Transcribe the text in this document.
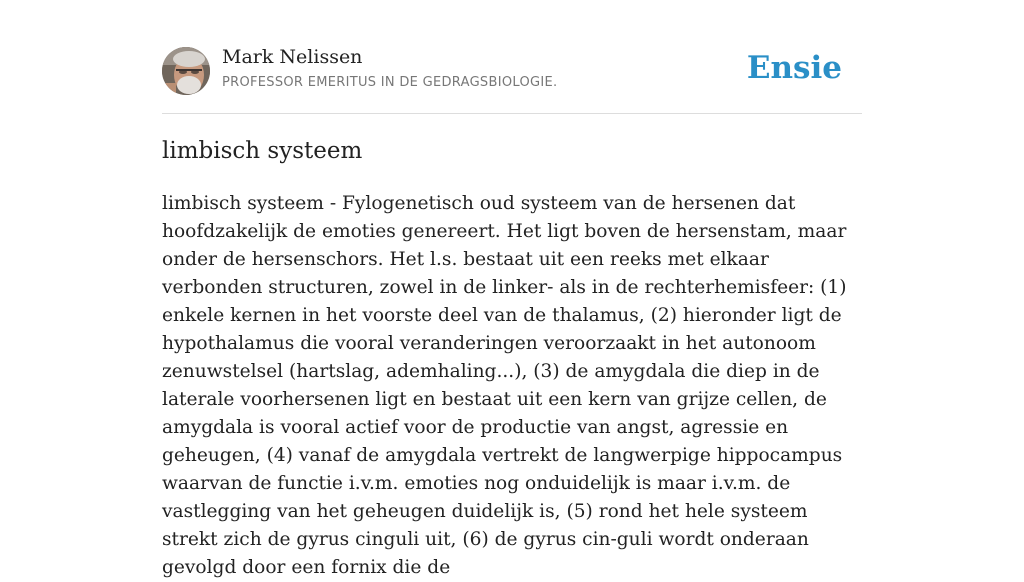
Mark Nelissen
PROFESSOR EMERITUS IN DE GEDRAGSBIOLOGIE.	Ensie
limbisch systeem

limbisch systeem - Fylogenetisch oud systeem van de hersenen dat hoofdzakelijk de emoties genereert. Het ligt boven de hersenstam, maar onder de hersenschors. Het l.s. bestaat uit een reeks met elkaar verbonden structuren, zowel in de linker- als in de rechterhemisfeer: (1) enkele kernen in het voorste deel van de thalamus, (2) hieronder ligt de hypothalamus die vooral veranderingen veroorzaakt in het autonoom zenuwstelsel (hartslag, ademhaling...), (3) de amygdala die diep in de laterale voorhersenen ligt en bestaat uit een kern van grijze cellen, de amygdala is vooral actief voor de productie van angst, agressie en geheugen, (4) vanaf de amygdala vertrekt de langwerpige hippocampus waarvan de functie i.v.m. emoties nog onduidelijk is maar i.v.m. de vastlegging van het geheugen duidelijk is, (5) rond het hele systeem strekt zich de gyrus cinguli uit, (6) de gyrus cin-guli wordt onderaan gevolgd door een fornix die de
